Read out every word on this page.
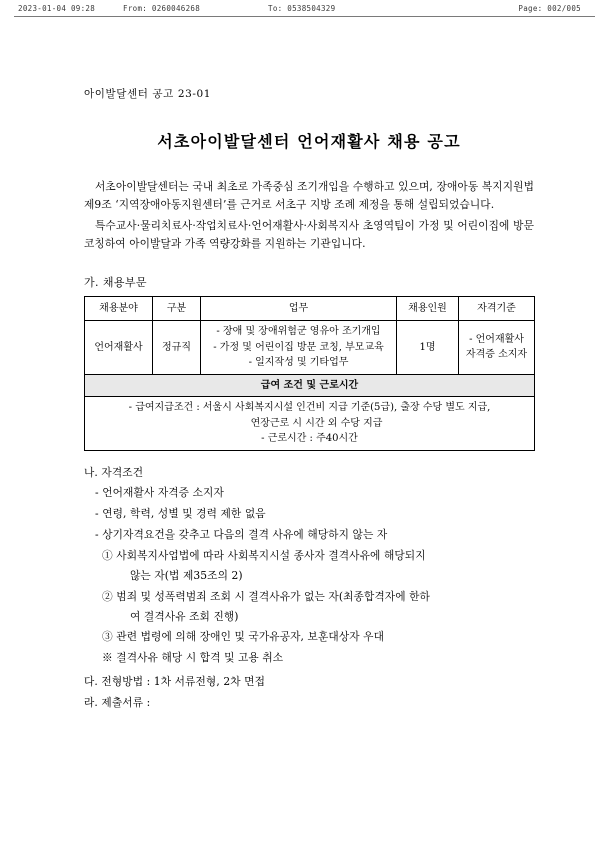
2023-01-04 09:28	From: 0260046268	To: 0538504329	Page: 002/005
아이발달센터 공고 23-01
서초아이발달센터 언어재활사 채용 공고

서초아이발달센터는 국내 최초로 가족중심 조기개입을 수행하고 있으며, 장애아동 복지지원법 제9조 ‘지역장애아동지원센터’를 근거로 서초구 지방 조례 제정을 통해 설립되었습니다.

특수교사·물리치료사·작업치료사·언어재활사·사회복지사 초영역팀이 가정 및 어린이집에 방문 코칭하여 아이발달과 가족 역량강화를 지원하는 기관입니다.

가. 채용부문
채용분야	구분	업무	채용인원	자격기준
언어재활사	정규직	- 장애 및 장애위험군 영유아 조기개입
- 가정 및 어린이집 방문 코칭, 부모교육
- 일지작성 및 기타업무	1명	- 언어재활사 자격증 소지자
급여 조건 및 근로시간				

- 급여지급조건 : 서울시 사회복지시설 인건비 지급 기준(5급), 출장 수당 별도 지급,
연장근로 시 시간 외 수당 지급
- 근로시간 : 주40시간				
나. 자격조건
- 언어재활사 자격증 소지자
- 연령, 학력, 성별 및 경력 제한 없음
- 상기자격요건을 갖추고 다음의 결격 사유에 해당하지 않는 자
① 사회복지사업법에 따라 사회복지시설 종사자 결격사유에 해당되지
않는 자(법 제35조의 2)
② 범죄 및 성폭력범죄 조회 시 결격사유가 없는 자(최종합격자에 한하
여 결격사유 조회 진행)
③ 관련 법령에 의해 장애인 및 국가유공자, 보훈대상자 우대
※ 결격사유 해당 시 합격 및 고용 취소
다. 전형방법 : 1차 서류전형, 2차 면접
라. 제출서류 :
